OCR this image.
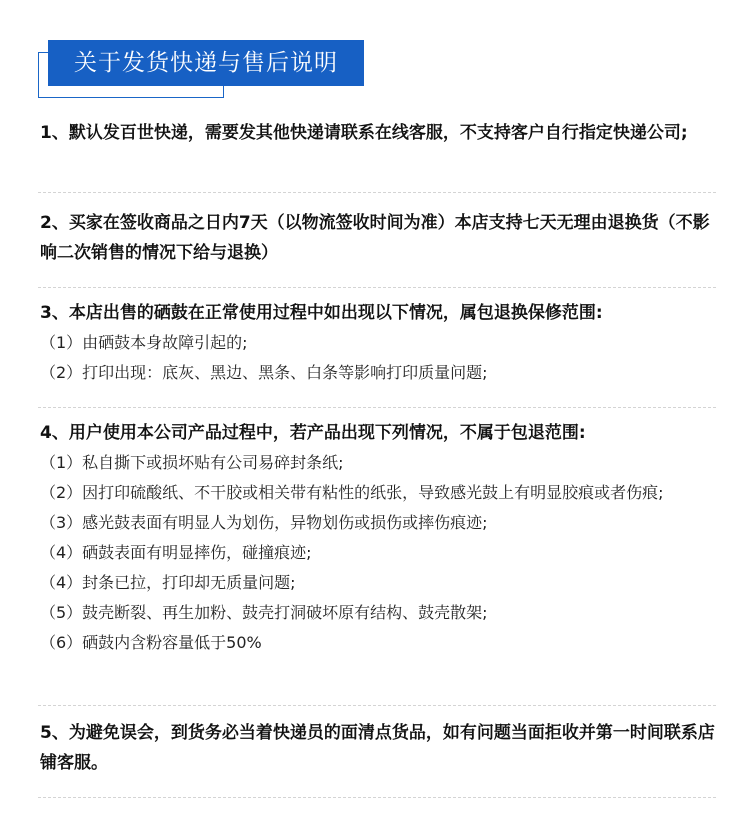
关于发货快递与售后说明

1、默认发百世快递，需要发其他快递请联系在线客服，不支持客户自行指定快递公司;

2、买家在签收商品之日内7天（以物流签收时间为准）本店支持七天无理由退换货（不影响二次销售的情况下给与退换）

3、本店出售的硒鼓在正常使用过程中如出现以下情况，属包退换保修范围:

（1）由硒鼓本身故障引起的;

（2）打印出现：底灰、黑边、黑条、白条等影响打印质量问题;

4、用户使用本公司产品过程中，若产品出现下列情况，不属于包退范围:

（1）私自撕下或损坏贴有公司易碎封条纸;

（2）因打印硫酸纸、不干胶或相关带有粘性的纸张，导致感光鼓上有明显胶痕或者伤痕;

（3）感光鼓表面有明显人为划伤，异物划伤或损伤或摔伤痕迹;

（4）硒鼓表面有明显摔伤，碰撞痕迹;

（4）封条已拉，打印却无质量问题;

（5）鼓壳断裂、再生加粉、鼓壳打洞破坏原有结构、鼓壳散架;

（6）硒鼓内含粉容量低于50%

5、为避免误会，到货务必当着快递员的面清点货品，如有问题当面拒收并第一时间联系店铺客服。
